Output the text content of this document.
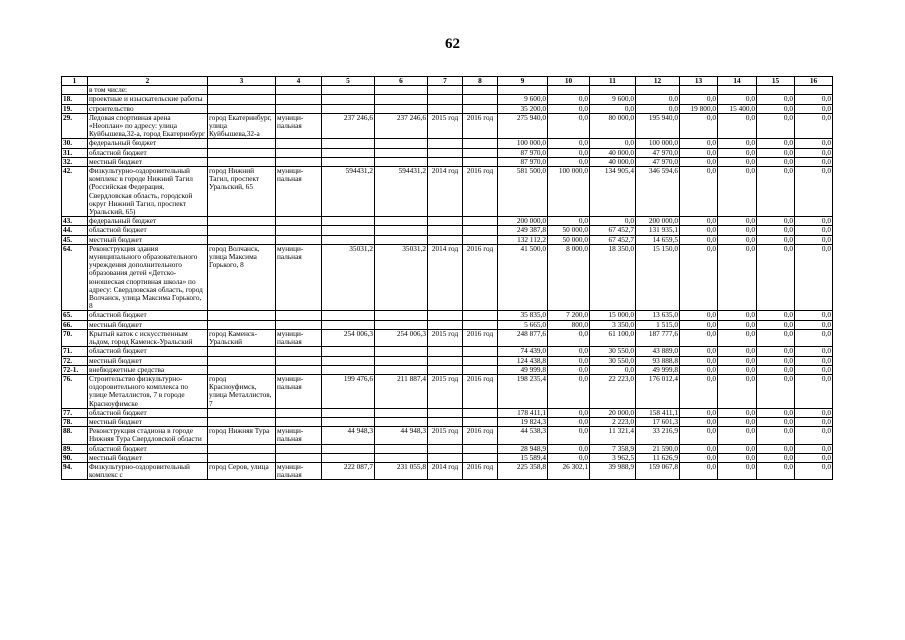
62
1	2	3	4	5	6	7	8	9	10	11	12	13	14	15	16
	в том числе:														
18.	проектные и изыскательские работы							9 600,0	0,0	9 600,0	0,0	0,0	0,0	0,0	0,0
19.	строительство							35 200,0	0,0	0,0	0,0	19 800,0	15 400,0	0,0	0,0
29.	Ледовая спортивная арена «Неоплан» по адресу: улица Куйбышева,32-а, город Екатеринбург	город Екатеринбург, улица Куйбышева,32-а	муници-пальная	237 246,6	237 246,6	2015 год	2016 год	275 940,0	0,0	80 000,0	195 940,0	0,0	0,0	0,0	0,0
30.	федеральный бюджет							100 000,0	0,0	0,0	100 000,0	0,0	0,0	0,0	0,0
31.	областной бюджет							87 970,0	0,0	40 000,0	47 970,0	0,0	0,0	0,0	0,0
32.	местный бюджет							87 970,0	0,0	40 000,0	47 970,0	0,0	0,0	0,0	0,0
42.	Физкультурно-оздоровительный комплекс в городе Нижний Тагил (Российская Федерация, Свердловская область, городской округ Нижний Тагил, проспект Уральский, 65)	город Нижний Тагил, проспект Уральский, 65	муници-пальная	594431,2	594431,2	2014 год	2016 год	581 500,0	100 000,0	134 905,4	346 594,6	0,0	0,0	0,0	0,0
43.	федеральный бюджет							200 000,0	0,0	0,0	200 000,0	0,0	0,0	0,0	0,0
44.	областной бюджет							249 387,8	50 000,0	67 452,7	131 935,1	0,0	0,0	0,0	0,0
45.	местный бюджет							132 112,2	50 000,0	67 452,7	14 659,5	0,0	0,0	0,0	0,0
64.	Реконструкция здания муниципального образовательного учреждения дополнительного образования детей «Детско-юношеская спортивная школа» по адресу: Свердловская область, город Волчанск, улица Максима Горького, 8	город Волчанск, улица Максима Горького, 8	муници-пальная	35031,2	35031,2	2014 год	2016 год	41 500,0	8 000,0	18 350,0	15 150,0	0,0	0,0	0,0	0,0
65.	областной бюджет							35 835,0	7 200,0	15 000,0	13 635,0	0,0	0,0	0,0	0,0
66.	местный бюджет							5 665,0	800,0	3 350,0	1 515,0	0,0	0,0	0,0	0,0
70.	Крытый каток с искусственным льдом, город Каменск-Уральский	город Каменск-Уральский	муници-пальная	254 006,3	254 006,3	2015 год	2016 год	248 877,6	0,0	61 100,0	187 777,6	0,0	0,0	0,0	0,0
71.	областной бюджет							74 439,0	0,0	30 550,0	43 889,0	0,0	0,0	0,0	0,0
72.	местный бюджет							124 438,8	0,0	30 550,0	93 888,8	0,0	0,0	0,0	0,0
72-1.	внебюджетные средства							49 999,8	0,0	0,0	49 999,8	0,0	0,0	0,0	0,0
76.	Строительство физкультурно-оздоровительного комплекса по улице Металлистов, 7 в городе Красноуфимске	город Красноуфимск, улица Металлистов, 7	муници-пальная	199 476,6	211 887,4	2015 год	2016 год	198 235,4	0,0	22 223,0	176 012,4	0,0	0,0	0,0	0,0
77.	областной бюджет							178 411,1	0,0	20 000,0	158 411,1	0,0	0,0	0,0	0,0
78.	местный бюджет							19 824,3	0,0	2 223,0	17 601,3	0,0	0,0	0,0	0,0
88.	Реконструкция стадиона в городе Нижняя Тура Свердловской области	город Нижняя Тура	муници-пальная	44 948,3	44 948,3	2015 год	2016 год	44 538,3	0,0	11 321,4	33 216,9	0,0	0,0	0,0	0,0
89.	областной бюджет							28 948,9	0,0	7 358,9	21 590,0	0,0	0,0	0,0	0,0
90.	местный бюджет							15 589,4	0,0	3 962,5	11 626,9	0,0	0,0	0,0	0,0
94.	Физкультурно-оздоровительный комплекс с	город Серов, улица	муници-пальная	222 087,7	231 055,8	2014 год	2016 год	225 358,8	26 302,1	39 988,9	159 067,8	0,0	0,0	0,0	0,0
